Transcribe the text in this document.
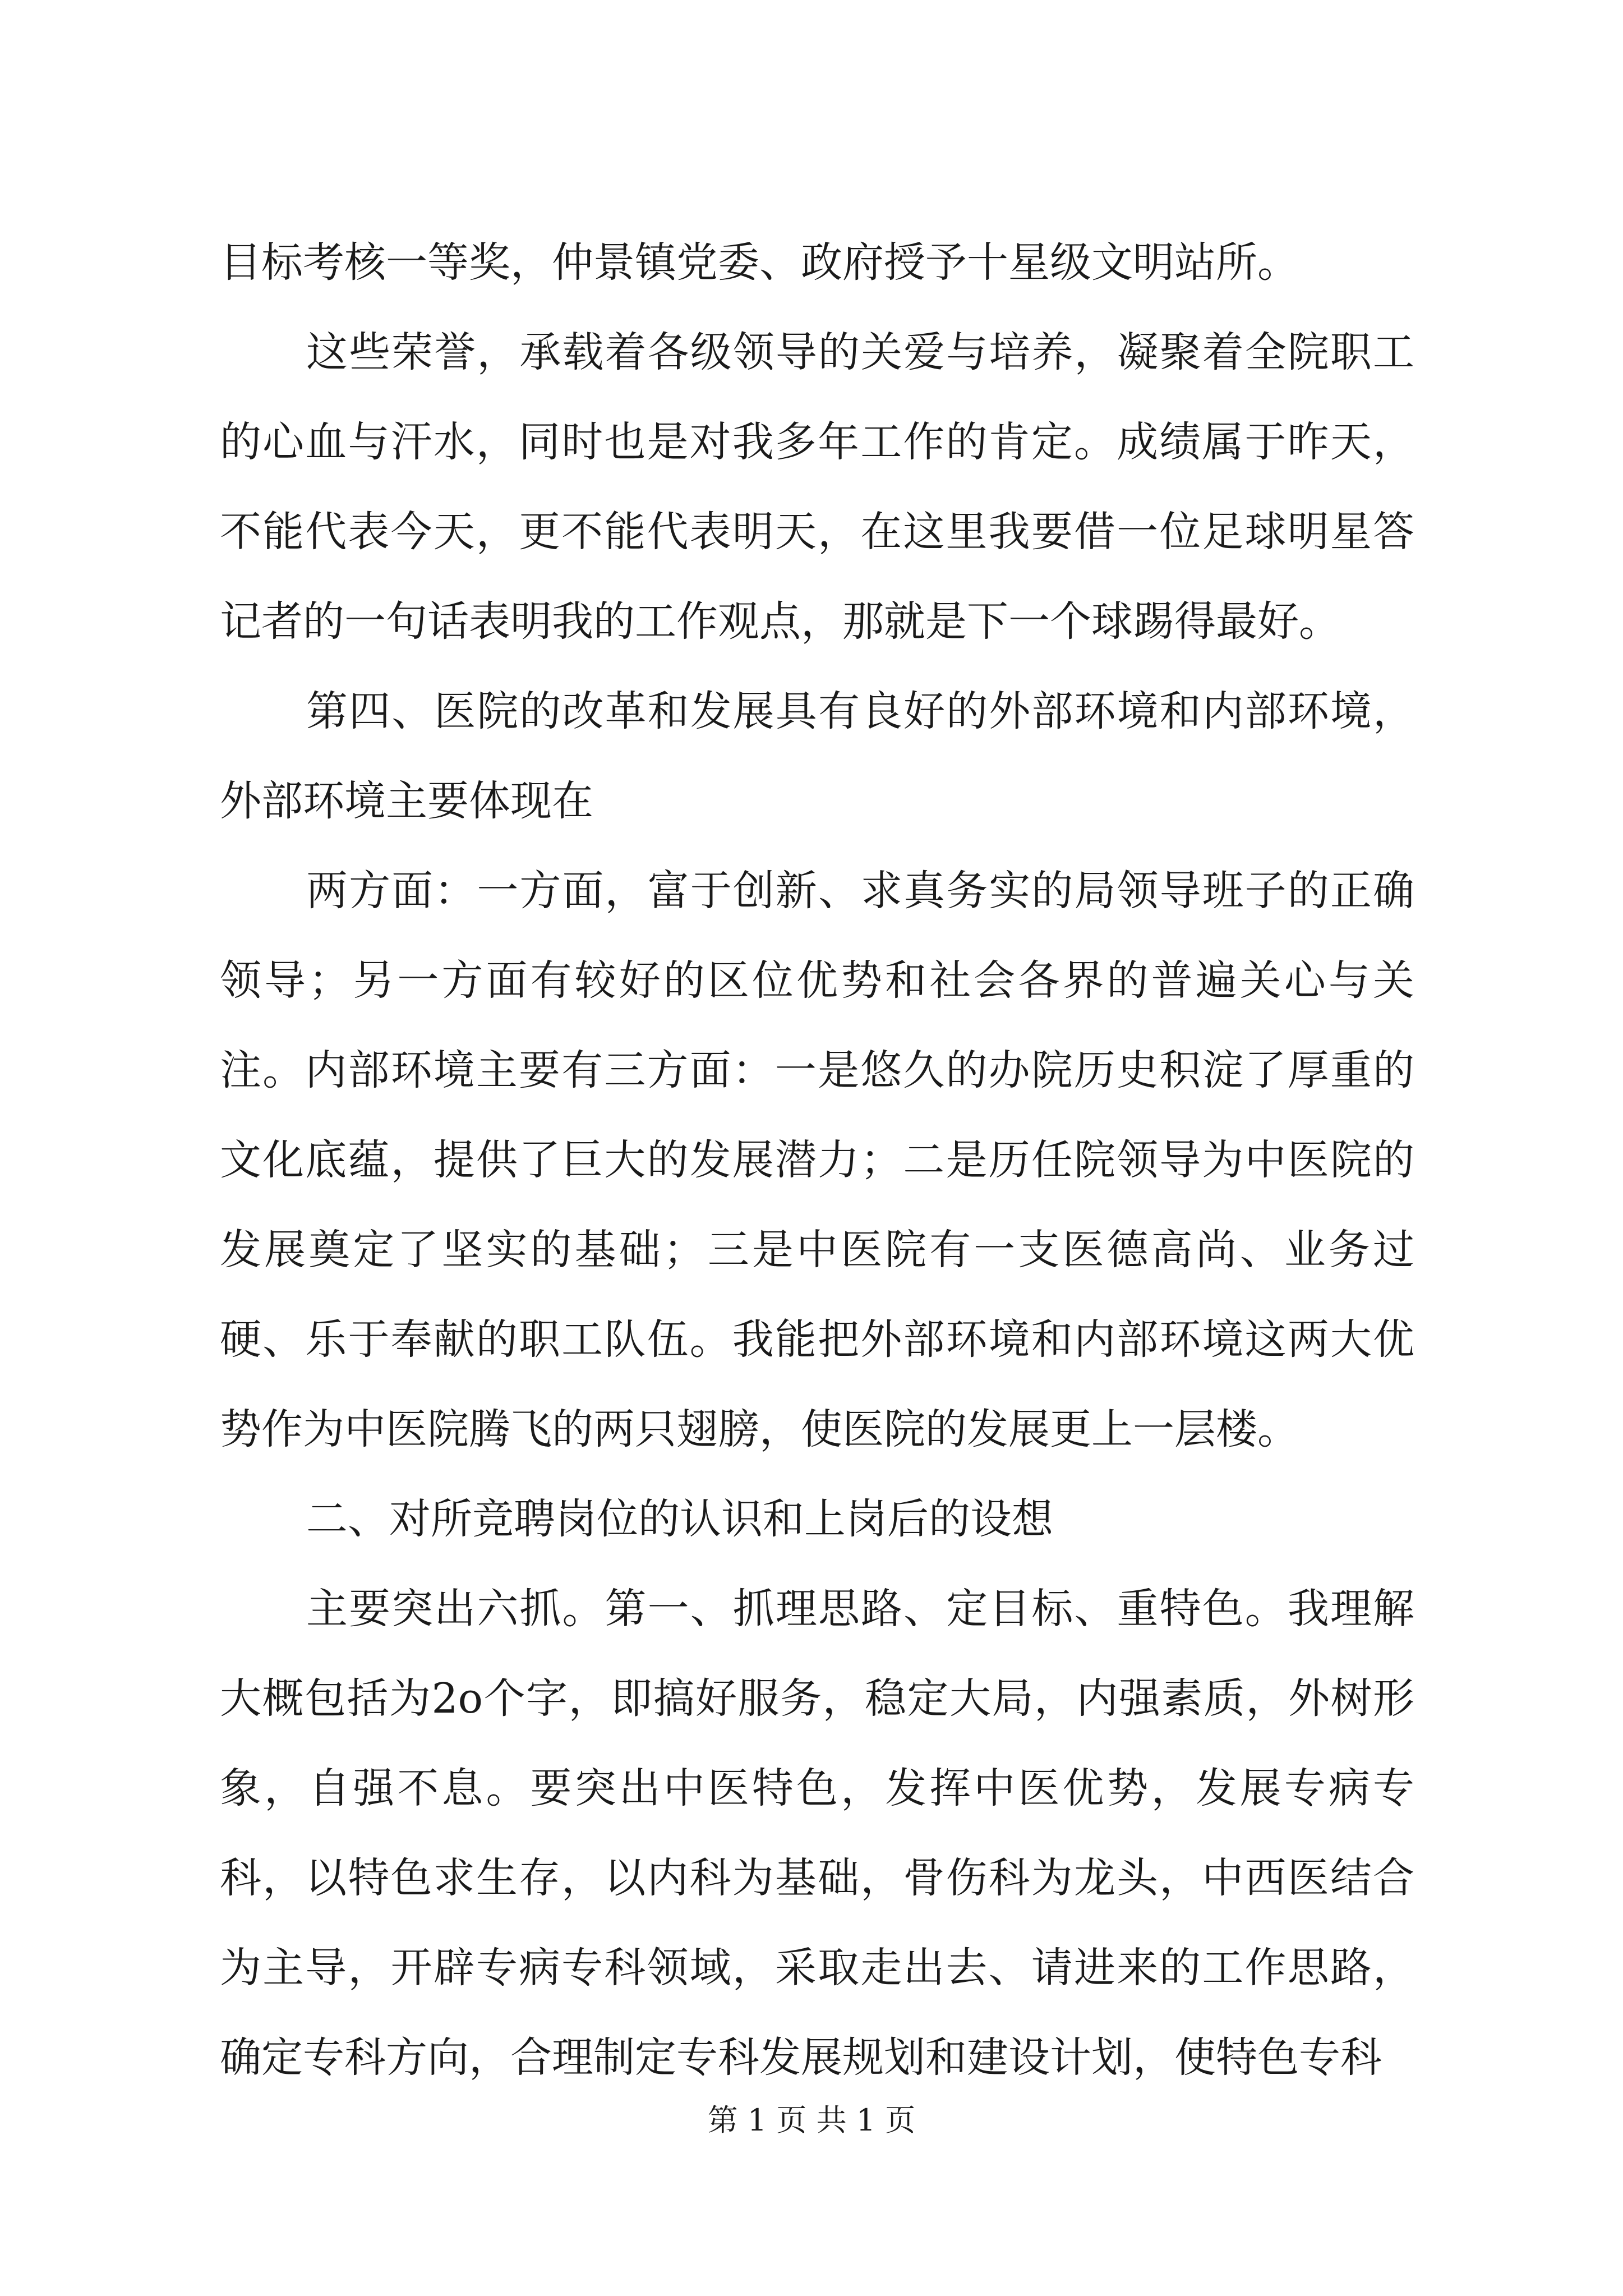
目标考核一等奖，仲景镇党委、政府授予十星级文明站所。

这些荣誉，承载着各级领导的关爱与培养，凝聚着全院职工的心血与汗水，同时也是对我多年工作的肯定。成绩属于昨天，不能代表今天，更不能代表明天，在这里我要借一位足球明星答记者的一句话表明我的工作观点，那就是下一个球踢得最好。

第四、医院的改革和发展具有良好的外部环境和内部环境，外部环境主要体现在

两方面：一方面，富于创新、求真务实的局领导班子的正确领导；另一方面有较好的区位优势和社会各界的普遍关心与关注。内部环境主要有三方面：一是悠久的办院历史积淀了厚重的文化底蕴，提供了巨大的发展潜力；二是历任院领导为中医院的发展奠定了坚实的基础；三是中医院有一支医德高尚、业务过硬、乐于奉献的职工队伍。我能把外部环境和内部环境这两大优势作为中医院腾飞的两只翅膀，使医院的发展更上一层楼。

二、对所竞聘岗位的认识和上岗后的设想

主要突出六抓。第一、抓理思路、定目标、重特色。我理解大概包括为2o个字，即搞好服务，稳定大局，内强素质，外树形象，自强不息。要突出中医特色，发挥中医优势，发展专病专科，以特色求生存，以内科为基础，骨伤科为龙头，中西医结合为主导，开辟专病专科领域，采取走出去、请进来的工作思路，确定专科方向，合理制定专科发展规划和建设计划，使特色专科

第 1 页 共 1 页
